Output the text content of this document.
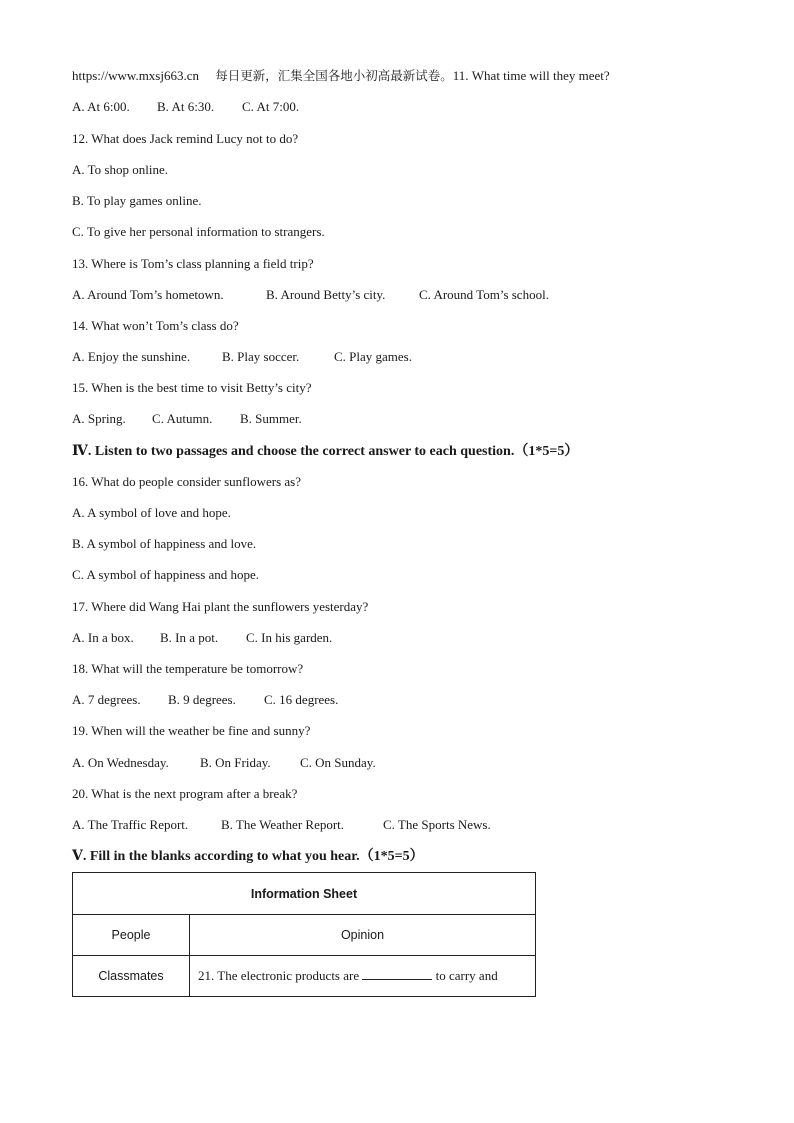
https://www.mxsj663.cn 每日更新，汇集全国各地小初高最新试卷。11. What time will they meet?
A. At 6:00. B. At 6:30. C. At 7:00.
12. What does Jack remind Lucy not to do?
A. To shop online.
B. To play games online.
C. To give her personal information to strangers.
13. Where is Tom’s class planning a field trip?
A. Around Tom’s hometown.	B. Around Betty’s city.	C. Around Tom’s school.
14. What won’t Tom’s class do?
A. Enjoy the sunshine. B. Play soccer.	C. Play games.
15. When is the best time to visit Betty’s city?
A. Spring. C. Autumn. B. Summer.
Ⅳ. Listen to two passages and choose the correct answer to each question.（1*5=5）
16. What do people consider sunflowers as?
A. A symbol of love and hope.
B. A symbol of happiness and love.
C. A symbol of happiness and hope.
17. Where did Wang Hai plant the sunflowers yesterday?
A. In a box. B. In a pot. C. In his garden.
18. What will the temperature be tomorrow?
A. 7 degrees. B. 9 degrees. C. 16 degrees.
19. When will the weather be fine and sunny?
A. On Wednesday. B. On Friday. C. On Sunday.
20. What is the next program after a break?
A. The Traffic Report.	B. The Weather Report.	C. The Sports News.
Ⅴ. Fill in the blanks according to what you hear.（1*5=5）
Information Sheet	
People	Opinion
Classmates	21. The electronic products are to carry and
